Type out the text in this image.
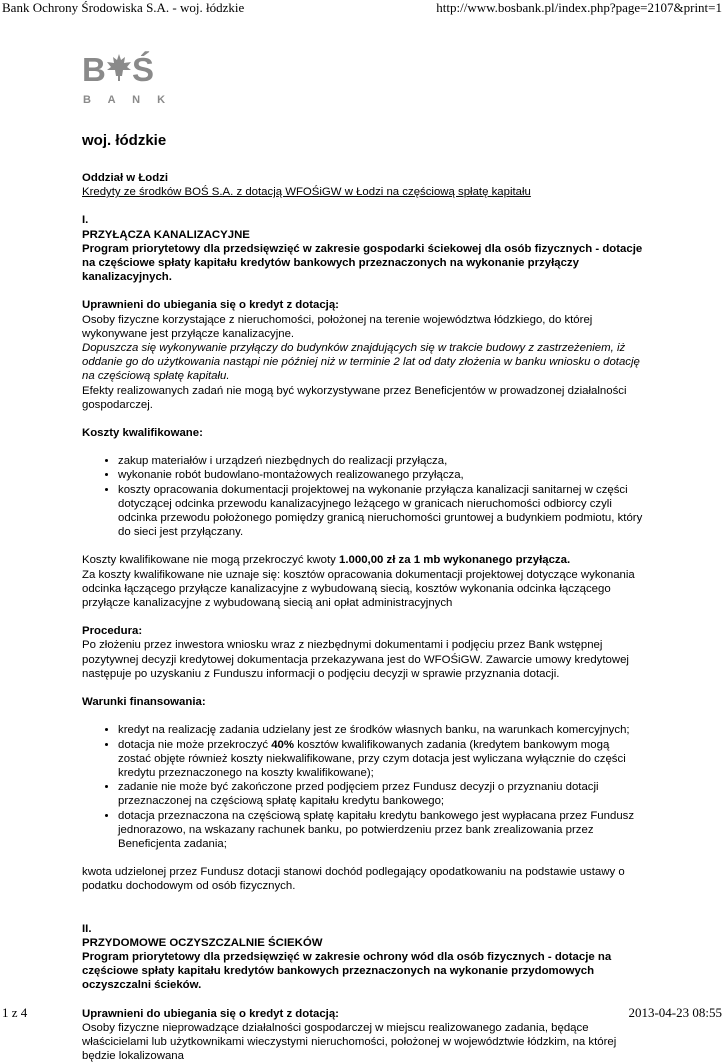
Bank Ochrony Środowiska S.A. - woj. łódzkie	http://www.bosbank.pl/index.php?page=2107&print=1
B Ś
B A N K
woj. łódzkie

Oddział w Łodzi

Kredyty ze środków BOŚ S.A. z dotacją WFOŚiGW w Łodzi na częściową spłatę kapitału

I.

PRZYŁĄCZA KANALIZACYJNE

Program priorytetowy dla przedsięwzięć w zakresie gospodarki ściekowej dla osób fizycznych - dotacje na częściowe spłaty kapitału kredytów bankowych przeznaczonych na wykonanie przyłączy kanalizacyjnych.

Uprawnieni do ubiegania się o kredyt z dotacją:

Osoby fizyczne korzystające z nieruchomości, położonej na terenie województwa łódzkiego, do której wykonywane jest przyłącze kanalizacyjne.

Dopuszcza się wykonywanie przyłączy do budynków znajdujących się w trakcie budowy z zastrzeżeniem, iż oddanie go do użytkowania nastąpi nie później niż w terminie 2 lat od daty złożenia w banku wniosku o dotację na częściową spłatę kapitału.

Efekty realizowanych zadań nie mogą być wykorzystywane przez Beneficjentów w prowadzonej działalności gospodarczej.

Koszty kwalifikowane:

• zakup materiałów i urządzeń niezbędnych do realizacji przyłącza,
• wykonanie robót budowlano-montażowych realizowanego przyłącza,
• koszty opracowania dokumentacji projektowej na wykonanie przyłącza kanalizacji sanitarnej w części dotyczącej odcinka przewodu kanalizacyjnego leżącego w granicach nieruchomości odbiorcy czyli odcinka przewodu położonego pomiędzy granicą nieruchomości gruntowej a budynkiem podmiotu, który do sieci jest przyłączany.

Koszty kwalifikowane nie mogą przekroczyć kwoty 1.000,00 zł za 1 mb wykonanego przyłącza.

Za koszty kwalifikowane nie uznaje się: kosztów opracowania dokumentacji projektowej dotyczące wykonania odcinka łączącego przyłącze kanalizacyjne z wybudowaną siecią, kosztów wykonania odcinka łączącego przyłącze kanalizacyjne z wybudowaną siecią ani opłat administracyjnych

Procedura:

Po złożeniu przez inwestora wniosku wraz z niezbędnymi dokumentami i podjęciu przez Bank wstępnej pozytywnej decyzji kredytowej dokumentacja przekazywana jest do WFOŚiGW. Zawarcie umowy kredytowej następuje po uzyskaniu z Funduszu informacji o podjęciu decyzji w sprawie przyznania dotacji.

Warunki finansowania:

• kredyt na realizację zadania udzielany jest ze środków własnych banku, na warunkach komercyjnych;
• dotacja nie może przekroczyć 40% kosztów kwalifikowanych zadania (kredytem bankowym mogą zostać objęte również koszty niekwalifikowane, przy czym dotacja jest wyliczana wyłącznie do części kredytu przeznaczonego na koszty kwalifikowane);
• zadanie nie może być zakończone przed podjęciem przez Fundusz decyzji o przyznaniu dotacji przeznaczonej na częściową spłatę kapitału kredytu bankowego;
• dotacja przeznaczona na częściową spłatę kapitału kredytu bankowego jest wypłacana przez Fundusz jednorazowo, na wskazany rachunek banku, po potwierdzeniu przez bank zrealizowania przez Beneficjenta zadania;

kwota udzielonej przez Fundusz dotacji stanowi dochód podlegający opodatkowaniu na podstawie ustawy o podatku dochodowym od osób fizycznych.

II.

PRZYDOMOWE OCZYSZCZALNIE ŚCIEKÓW

Program priorytetowy dla przedsięwzięć w zakresie ochrony wód dla osób fizycznych - dotacje na częściowe spłaty kapitału kredytów bankowych przeznaczonych na wykonanie przydomowych oczyszczalni ścieków.

Uprawnieni do ubiegania się o kredyt z dotacją:

Osoby fizyczne nieprowadzące działalności gospodarczej w miejscu realizowanego zadania, będące właścicielami lub użytkownikami wieczystymi nieruchomości, położonej w województwie łódzkim, na której będzie lokalizowana

1 z 4	2013-04-23 08:55
